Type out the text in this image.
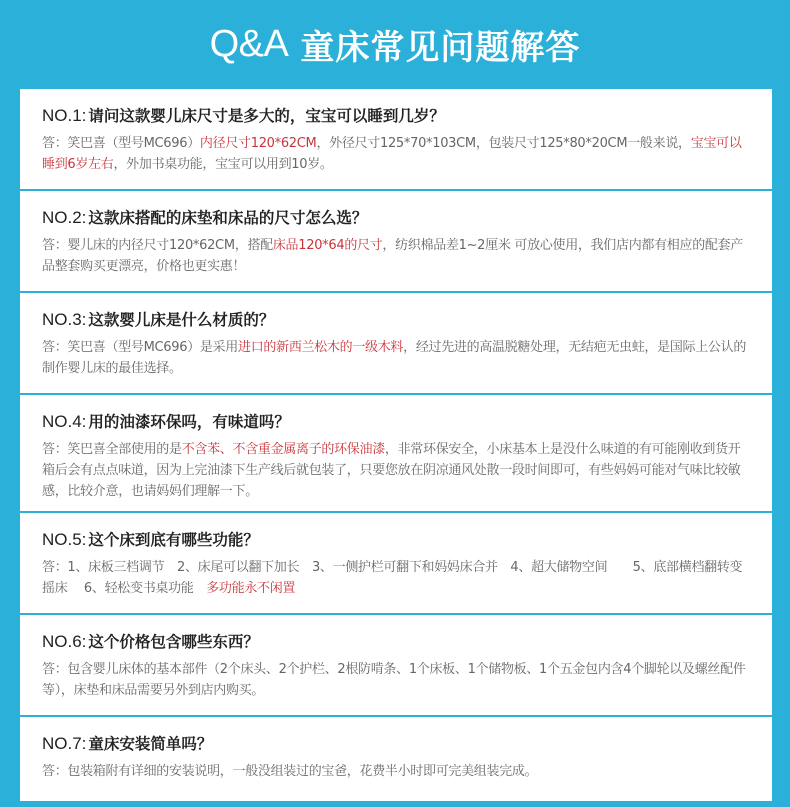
Q&A 童床常见问题解答
NO.1: 请问这款婴儿床尺寸是多大的，宝宝可以睡到几岁？
答：笑巴喜（型号MC696）内径尺寸120*62CM，外径尺寸125*70*103CM，包装尺寸125*80*20CM一般来说，宝宝可以睡到6岁左右，外加书桌功能，宝宝可以用到10岁。
NO.2: 这款床搭配的床垫和床品的尺寸怎么选？
答：婴儿床的内径尺寸120*62CM，搭配床品120*64的尺寸，纺织棉品差1~2厘米 可放心使用，我们店内都有相应的配套产品整套购买更漂亮，价格也更实惠！
NO.3: 这款婴儿床是什么材质的？
答：笑巴喜（型号MC696）是采用进口的新西兰松木的一级木料，经过先进的高温脱糖处理，无结疤无虫蛀，是国际上公认的制作婴儿床的最佳选择。
NO.4: 用的油漆环保吗，有味道吗？
答：笑巴喜全部使用的是不含苯、不含重金属离子的环保油漆，非常环保安全，小床基本上是没什么味道的有可能刚收到货开箱后会有点点味道，因为上完油漆下生产线后就包装了，只要您放在阴凉通风处散一段时间即可，有些妈妈可能对气味比较敏感，比较介意，也请妈妈们理解一下。
NO.5: 这个床到底有哪些功能？
答：1、床板三档调节　2、床尾可以翻下加长　3、一侧护栏可翻下和妈妈床合并　4、超大储物空间　　5、底部横档翻转变摇床　 6、轻松变书桌功能　多功能永不闲置
NO.6: 这个价格包含哪些东西？
答：包含婴儿床体的基本部件（2个床头、2个护栏、2根防啃条、1个床板、1个储物板、1个五金包内含4个脚轮以及螺丝配件等），床垫和床品需要另外到店内购买。
NO.7: 童床安装简单吗？
答：包装箱附有详细的安装说明，一般没组装过的宝爸，花费半小时即可完美组装完成。
